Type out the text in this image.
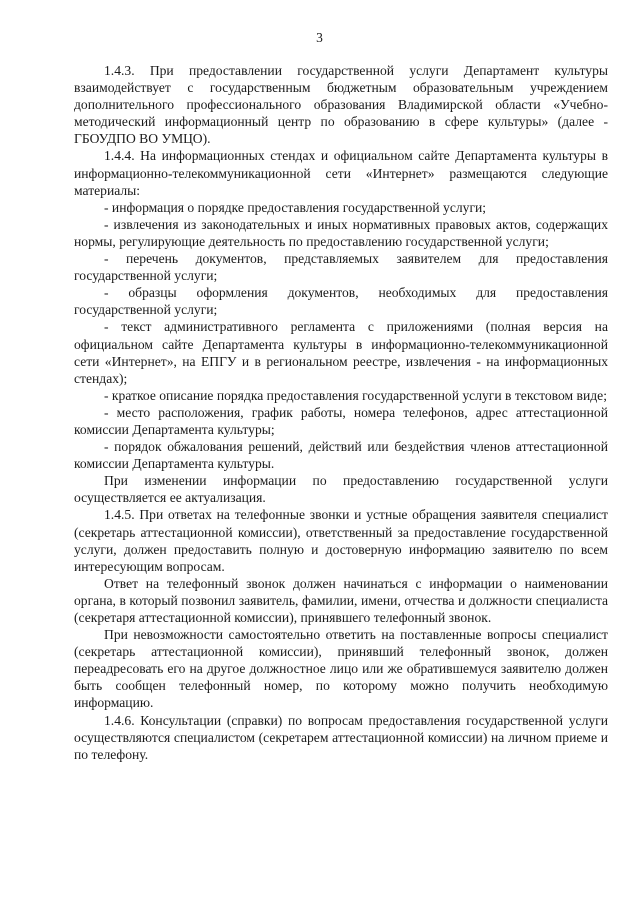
3

1.4.3. При предоставлении государственной услуги Департамент культуры взаимодействует с государственным бюджетным образовательным учреждением дополнительного профессионального образования Владимирской области «Учебно-методический информационный центр по образованию в сфере культуры» (далее - ГБОУДПО ВО УМЦО).

1.4.4. На информационных стендах и официальном сайте Департамента культуры в информационно-телекоммуникационной сети «Интернет» размещаются следующие материалы:

- информация о порядке предоставления государственной услуги;

- извлечения из законодательных и иных нормативных правовых актов, содержащих нормы, регулирующие деятельность по предоставлению государственной услуги;

- перечень документов, представляемых заявителем для предоставления государственной услуги;

- образцы оформления документов, необходимых для предоставления государственной услуги;

- текст административного регламента с приложениями (полная версия на официальном сайте Департамента культуры в информационно-телекоммуникационной сети «Интернет», на ЕПГУ и в региональном реестре, извлечения - на информационных стендах);

- краткое описание порядка предоставления государственной услуги в текстовом виде;

- место расположения, график работы, номера телефонов, адрес аттестационной комиссии Департамента культуры;

- порядок обжалования решений, действий или бездействия членов аттестационной комиссии Департамента культуры.

При изменении информации по предоставлению государственной услуги осуществляется ее актуализация.

1.4.5. При ответах на телефонные звонки и устные обращения заявителя специалист (секретарь аттестационной комиссии), ответственный за предоставление государственной услуги, должен предоставить полную и достоверную информацию заявителю по всем интересующим вопросам.

Ответ на телефонный звонок должен начинаться с информации о наименовании органа, в который позвонил заявитель, фамилии, имени, отчества и должности специалиста (секретаря аттестационной комиссии), принявшего телефонный звонок.

При невозможности самостоятельно ответить на поставленные вопросы специалист (секретарь аттестационной комиссии), принявший телефонный звонок, должен переадресовать его на другое должностное лицо или же обратившемуся заявителю должен быть сообщен телефонный номер, по которому можно получить необходимую информацию.

1.4.6. Консультации (справки) по вопросам предоставления государственной услуги осуществляются специалистом (секретарем аттестационной комиссии) на личном приеме и по телефону.
